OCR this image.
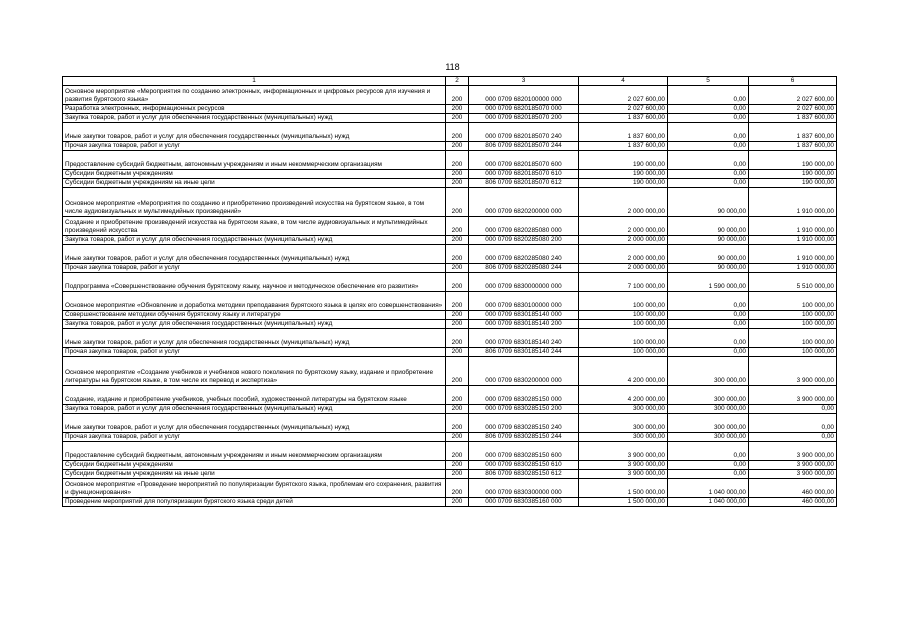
118
1	2	3	4	5	6
Основное мероприятие «Мероприятия по созданию электронных, информационных и цифровых ресурсов для изучения и развития бурятского языка»	200	000 0709 6820100000 000	2 027 600,00	0,00	2 027 600,00
Разработка электронных, информационных ресурсов	200	000 0709 6820185070 000	2 027 600,00	0,00	2 027 600,00
Закупка товаров, работ и услуг для обеспечения государственных (муниципальных) нужд	200	000 0709 6820185070 200	1 837 600,00	0,00	1 837 600,00
Иные закупки товаров, работ и услуг для обеспечения государственных (муниципальных) нужд	200	000 0709 6820185070 240	1 837 600,00	0,00	1 837 600,00
Прочая закупка товаров, работ и услуг	200	806 0709 6820185070 244	1 837 600,00	0,00	1 837 600,00
Предоставление субсидий бюджетным, автономным учреждениям и иным некоммерческим организациям	200	000 0709 6820185070 600	190 000,00	0,00	190 000,00
Субсидии бюджетным учреждениям	200	000 0709 6820185070 610	190 000,00	0,00	190 000,00
Субсидии бюджетным учреждениям на иные цели	200	806 0709 6820185070 612	190 000,00	0,00	190 000,00
Основное мероприятие «Мероприятия по созданию и приобретению произведений искусства на бурятском языке, в том числе аудиовизуальных и мультимедийных произведений»	200	000 0709 6820200000 000	2 000 000,00	90 000,00	1 910 000,00
Создание и приобретение произведений искусства на бурятском языке, в том числе аудиовизуальных и мультимедийных произведений искусства	200	000 0709 6820285080 000	2 000 000,00	90 000,00	1 910 000,00
Закупка товаров, работ и услуг для обеспечения государственных (муниципальных) нужд	200	000 0709 6820285080 200	2 000 000,00	90 000,00	1 910 000,00
Иные закупки товаров, работ и услуг для обеспечения государственных (муниципальных) нужд	200	000 0709 6820285080 240	2 000 000,00	90 000,00	1 910 000,00
Прочая закупка товаров, работ и услуг	200	806 0709 6820285080 244	2 000 000,00	90 000,00	1 910 000,00
Подпрограмма «Совершенствование обучения бурятскому языку, научное и методическое обеспечение его развития»	200	000 0709 6830000000 000	7 100 000,00	1 590 000,00	5 510 000,00
Основное мероприятие «Обновление и доработка методики преподавания бурятского языка в целях его совершенствования»	200	000 0709 6830100000 000	100 000,00	0,00	100 000,00
Совершенствование методики обучения бурятскому языку и литературе	200	000 0709 6830185140 000	100 000,00	0,00	100 000,00
Закупка товаров, работ и услуг для обеспечения государственных (муниципальных) нужд	200	000 0709 6830185140 200	100 000,00	0,00	100 000,00
Иные закупки товаров, работ и услуг для обеспечения государственных (муниципальных) нужд	200	000 0709 6830185140 240	100 000,00	0,00	100 000,00
Прочая закупка товаров, работ и услуг	200	806 0709 6830185140 244	100 000,00	0,00	100 000,00
Основное мероприятие «Создание учебников и учебников нового поколения по бурятскому языку, издание и приобретение литературы на бурятском языке, в том числе их перевод и экспертиза»	200	000 0709 6830200000 000	4 200 000,00	300 000,00	3 900 000,00
Создание, издание и приобретение учебников, учебных пособий, художественной литературы на бурятском языке	200	000 0709 6830285150 000	4 200 000,00	300 000,00	3 900 000,00
Закупка товаров, работ и услуг для обеспечения государственных (муниципальных) нужд	200	000 0709 6830285150 200	300 000,00	300 000,00	0,00
Иные закупки товаров, работ и услуг для обеспечения государственных (муниципальных) нужд	200	000 0709 6830285150 240	300 000,00	300 000,00	0,00
Прочая закупка товаров, работ и услуг	200	806 0709 6830285150 244	300 000,00	300 000,00	0,00
Предоставление субсидий бюджетным, автономным учреждениям и иным некоммерческим организациям	200	000 0709 6830285150 600	3 900 000,00	0,00	3 900 000,00
Субсидии бюджетным учреждениям	200	000 0709 6830285150 610	3 900 000,00	0,00	3 900 000,00
Субсидии бюджетным учреждениям на иные цели	200	806 0709 6830285150 612	3 900 000,00	0,00	3 900 000,00
Основное мероприятие «Проведение мероприятий по популяризации бурятского языка, проблемам его сохранения, развития и функционирования»	200	000 0709 6830300000 000	1 500 000,00	1 040 000,00	460 000,00
Проведение мероприятий для популяризации бурятского языка среди детей	200	000 0709 6830385160 000	1 500 000,00	1 040 000,00	460 000,00
